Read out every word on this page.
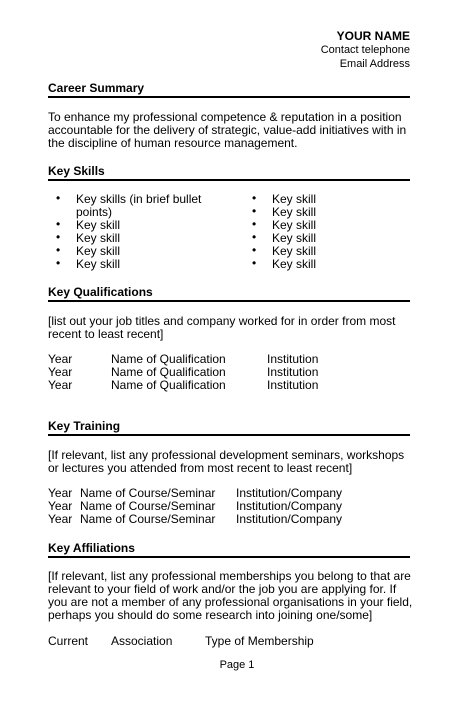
YOUR NAME
Contact telephone
Email Address
Career Summary
To enhance my professional competence & reputation in a position accountable for the delivery of strategic, value-add initiatives with in the discipline of human resource management.
Key Skills
• Key skills (in brief bullet points)
• Key skill
• Key skill
• Key skill
• Key skill
• Key skill
• Key skill
• Key skill
• Key skill
• Key skill
• Key skill
Key Qualifications
[list out your job titles and company worked for in order from most recent to least recent]
Year	Name of Qualification	Institution
Year	Name of Qualification	Institution
Year	Name of Qualification	Institution
Key Training
[If relevant, list any professional development seminars, workshops or lectures you attended from most recent to least recent]
Year Name of Course/Seminar Institution/Company
Year Name of Course/Seminar Institution/Company
Year Name of Course/Seminar Institution/Company
Key Affiliations
[If relevant, list any professional memberships you belong to that are relevant to your field of work and/or the job you are applying for. If you are not a member of any professional organisations in your field, perhaps you should do some research into joining one/some]
Current Association	Type of Membership
Page 1
